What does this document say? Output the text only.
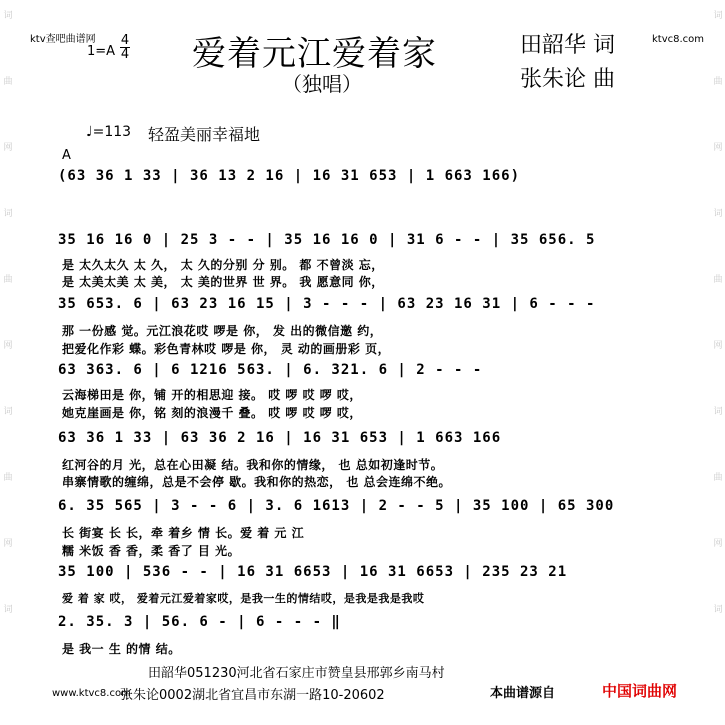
词
曲
网
词
曲
网
词
曲
网
词
词
曲
网
词
曲
网
词
曲
网
词
ktv查吧曲谱网	ktvc8.com
$1=A \frac{4}{4}$ 爱着元江爱着家
（独唱）
田韶华 词
张朱论 曲
♩=113 轻盈美丽幸福地
A
(63 36 1 33 | 36 13 2 16 | 16 31 653 | 1 663 166)
35 16 16 0 | 25 3 - - | 35 16 16 0 | 31 6 - - | 35 656. 5
是 太久太久 太 久， 太 久的分别 分 别。 都 不曾淡 忘，
是 太美太美 太 美， 太 美的世界 世 界。 我 愿意同 你，
35 653. 6 | 63 23 16 15 | 3 - - - | 63 23 16 31 | 6 - - -
那 一份感 觉。元江浪花哎 啰是 你， 发 出的微信邀 约，
把爱化作彩 蝶。彩色青林哎 啰是 你， 灵 动的画册彩 页，
63 363. 6 | 6 1216 563. | 6. 321. 6 | 2 - - -
云海梯田是 你，铺 开的相思迎 接。 哎 啰 哎 啰 哎，
她克崖画是 你，铭 刻的浪漫千 叠。 哎 啰 哎 啰 哎，
63 36 1 33 | 63 36 2 16 | 16 31 653 | 1 663 166
红河谷的月 光，总在心田凝 结。我和你的情缘， 也 总如初逢时节。
串寨情歌的缠绵，总是不会停 歇。我和你的热恋， 也 总会连绵不绝。
6. 35 565 | 3 - - 6 | 3. 6 1613 | 2 - - 5 | 35 100 | 65 300
长 街宴 长 长，牵 着乡 情 长。爱 着 元 江
糯 米饭 香 香，柔 香了 目 光。
35 100 | 536 - - | 16 31 6653 | 16 31 6653 | 235 23 21
爱 着 家 哎， 爱着元江爱着家哎，是我一生的情结哎，是我是我是我哎
2. 35. 3 | 56. 6 - | 6 - - - ‖
是 我一 生 的情 结。
田韶华051230河北省石家庄市赞皇县邢郭乡南马村
张朱论0002湖北省宜昌市东湖一路10-20602
www.ktvc8.com	本曲谱源自	中国词曲网
